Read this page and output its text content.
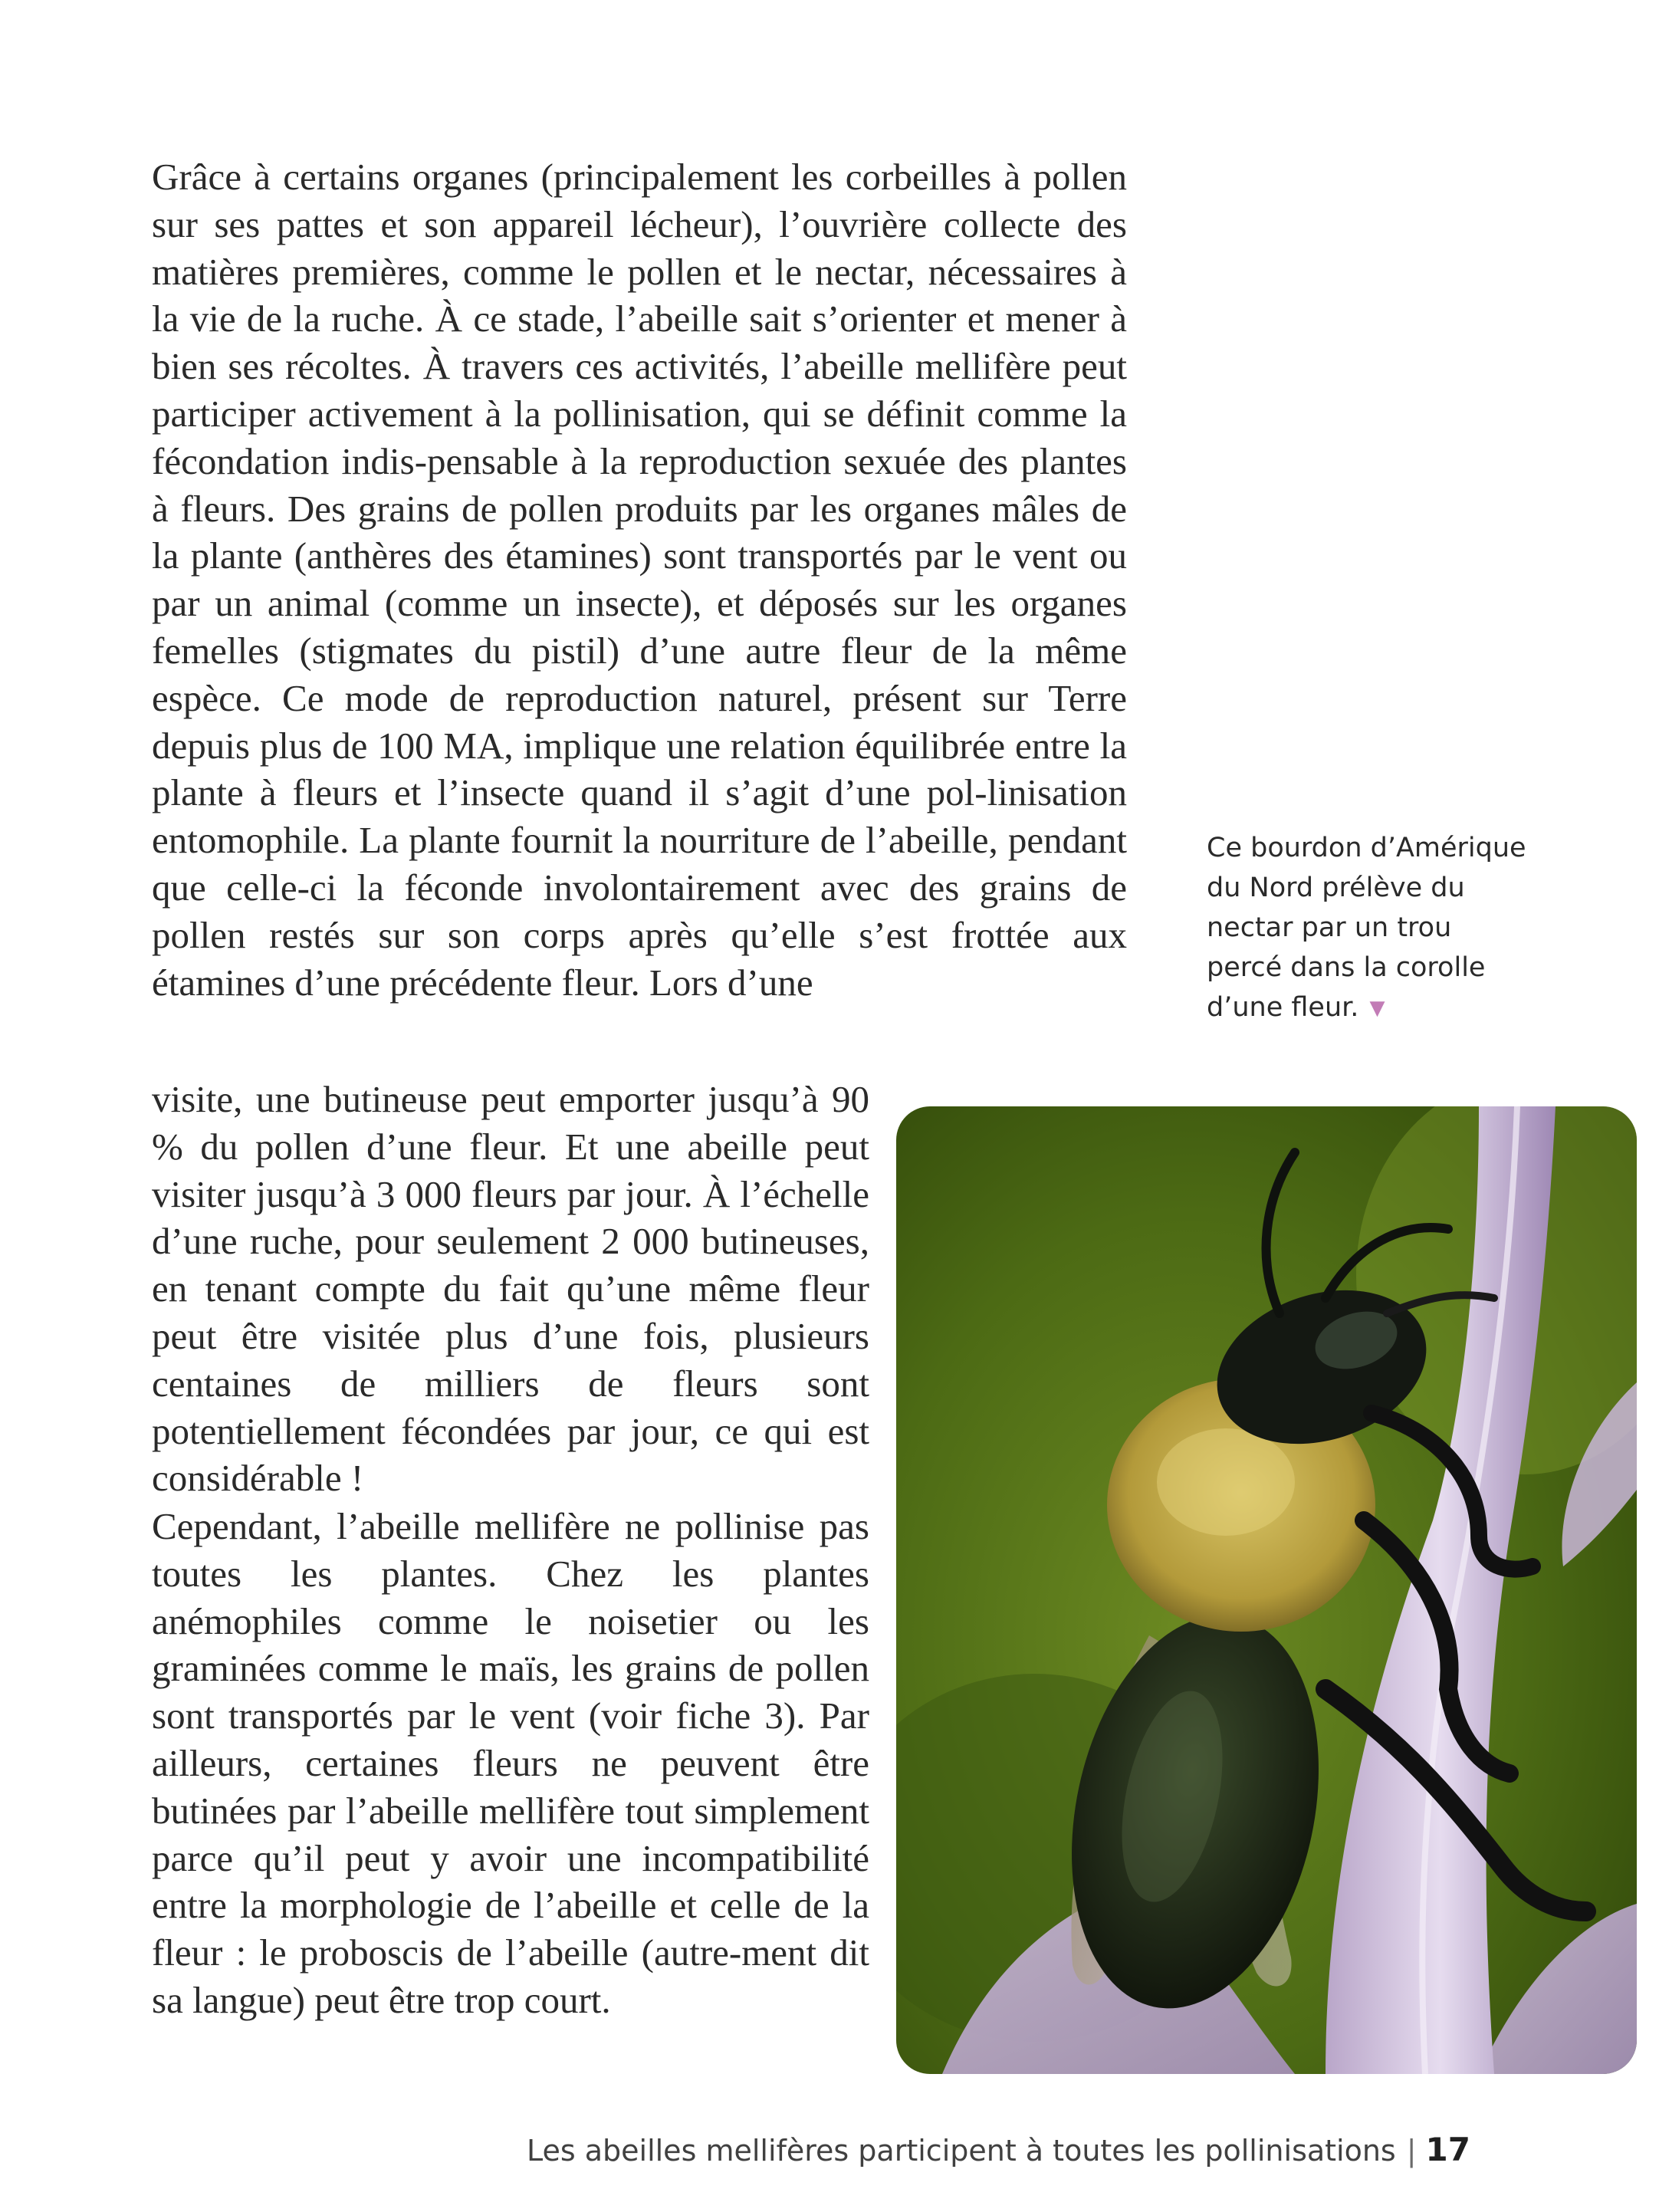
Grâce à certains organes (principalement les corbeilles à pollen sur ses pattes et son appareil lécheur), l’ouvrière collecte des matières premières, comme le pollen et le nectar, nécessaires à la vie de la ruche. À ce stade, l’abeille sait s’orienter et mener à bien ses récoltes. À travers ces activités, l’abeille mellifère peut participer activement à la pollinisation, qui se définit comme la fécondation indis-pensable à la reproduction sexuée des plantes à fleurs. Des grains de pollen produits par les organes mâles de la plante (anthères des étamines) sont transportés par le vent ou par un animal (comme un insecte), et déposés sur les organes femelles (stigmates du pistil) d’une autre fleur de la même espèce. Ce mode de reproduction naturel, présent sur Terre depuis plus de 100 MA, implique une relation équilibrée entre la plante à fleurs et l’insecte quand il s’agit d’une pol-linisation entomophile. La plante fournit la nourriture de l’abeille, pendant que celle-ci la féconde involontairement avec des grains de pollen restés sur son corps après qu’elle s’est frottée aux étamines d’une précédente fleur. Lors d’une

visite, une butineuse peut emporter jusqu’à 90 % du pollen d’une fleur. Et une abeille peut visiter jusqu’à 3 000 fleurs par jour. À l’échelle d’une ruche, pour seulement 2 000 butineuses, en tenant compte du fait qu’une même fleur peut être visitée plus d’une fois, plusieurs centaines de milliers de fleurs sont potentiellement fécondées par jour, ce qui est considérable !

Cependant, l’abeille mellifère ne pollinise pas toutes les plantes. Chez les plantes anémophiles comme le noisetier ou les graminées comme le maïs, les grains de pollen sont transportés par le vent (voir fiche 3). Par ailleurs, certaines fleurs ne peuvent être butinées par l’abeille mellifère tout simplement parce qu’il peut y avoir une incompatibilité entre la morphologie de l’abeille et celle de la fleur : le proboscis de l’abeille (autre-ment dit sa langue) peut être trop court.

Ce bourdon d’Amérique du Nord prélève du nectar par un trou percé dans la corolle d’une fleur. ▼

Les abeilles mellifères participent à toutes les pollinisations | 17
